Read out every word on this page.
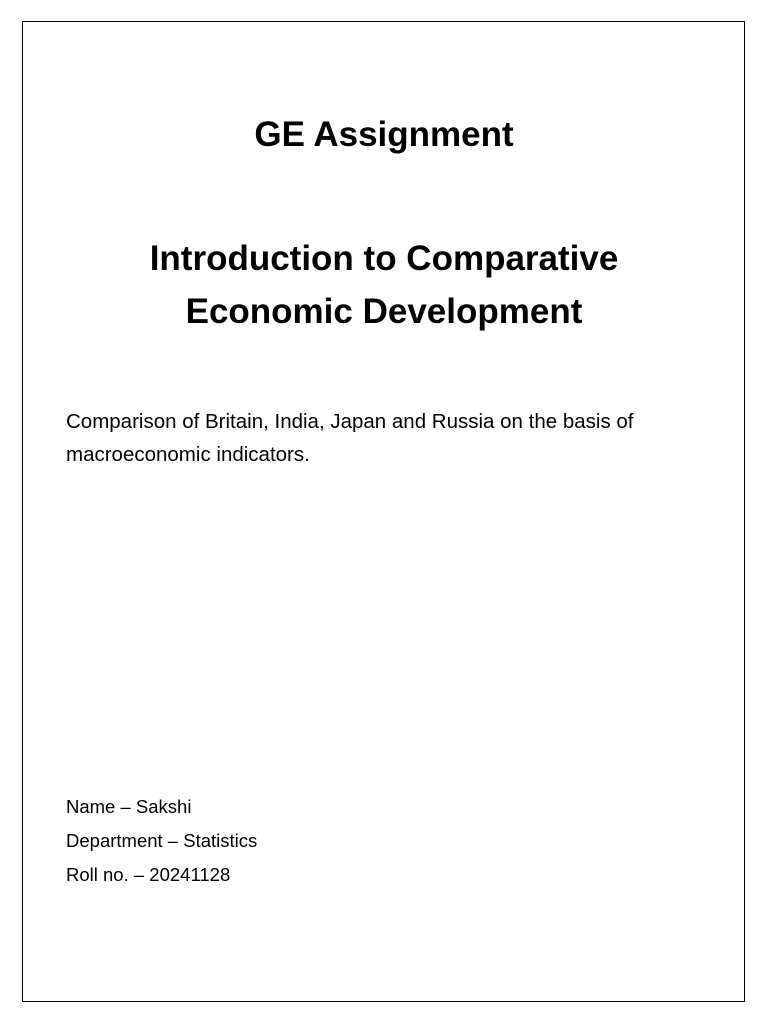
GE Assignment
Introduction to Comparative
Economic Development

Comparison of Britain, India, Japan and Russia on the basis of
macroeconomic indicators.

Name – Sakshi
Department – Statistics
Roll no. – 20241128
